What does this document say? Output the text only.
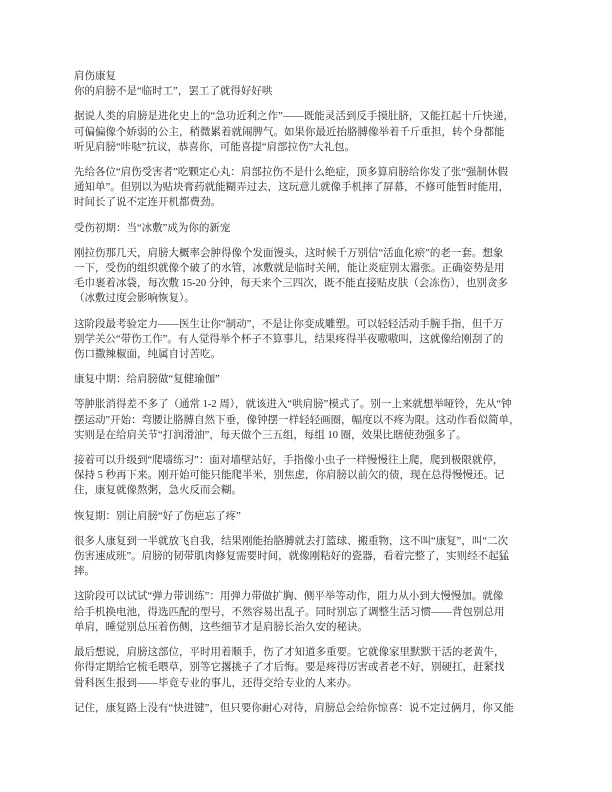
肩伤康复
你的肩膀不是“临时工”，罢工了就得好好哄
据说人类的肩膀是进化史上的“急功近利之作”——既能灵活到反手摸肚脐，又能扛起十斤快递，
可偏偏像个娇弱的公主，稍微累着就闹脾气。如果你最近抬胳膊像举着千斤重担，转个身都能
听见肩膀“咔哒”抗议，恭喜你，可能喜提“肩部拉伤”大礼包。
先给各位“肩伤受害者”吃颗定心丸：肩部拉伤不是什么绝症，顶多算肩膀给你发了张“强制休假
通知单”。但别以为贴块膏药就能糊弄过去，这玩意儿就像手机摔了屏幕，不修可能暂时能用，
时间长了说不定连开机都费劲。
受伤初期：当“冰敷”成为你的新宠
刚拉伤那几天，肩膀大概率会肿得像个发面馒头，这时候千万别信“活血化瘀”的老一套。想象
一下，受伤的组织就像个破了的水管，冰敷就是临时关闸，能让炎症别太嚣张。正确姿势是用
毛巾裹着冰袋，每次敷 15-20 分钟，每天来个三四次，既不能直接贴皮肤（会冻伤），也别贪多
（冰敷过度会影响恢复）。
这阶段最考验定力——医生让你“制动”，不是让你变成雕塑。可以轻轻活动手腕手指，但千万
别学关公“带伤工作”。有人觉得举个杯子不算事儿，结果疼得半夜嗷嗷叫，这就像给刚刮了的
伤口撒辣椒面，纯属自讨苦吃。
康复中期：给肩膀做“复健瑜伽”
等肿胀消得差不多了（通常 1-2 周），就该进入“哄肩膀”模式了。别一上来就想举哑铃，先从“钟
摆运动”开始：弯腰让胳膊自然下垂，像钟摆一样轻轻画圈，幅度以不疼为限。这动作看似简单，
实则是在给肩关节“打润滑油”，每天做个三五组，每组 10 圈，效果比瞎使劲强多了。
接着可以升级到“爬墙练习”：面对墙壁站好，手指像小虫子一样慢慢往上爬，爬到极限就停，
保持 5 秒再下来。刚开始可能只能爬半米，别焦虑，你肩膀以前欠的债，现在总得慢慢还。记
住，康复就像熬粥，急火反而会糊。
恢复期：别让肩膀“好了伤疤忘了疼”
很多人康复到一半就放飞自我，结果刚能抬胳膊就去打篮球、搬重物，这不叫“康复”，叫“二次
伤害速成班”。肩膀的韧带肌肉修复需要时间，就像刚粘好的瓷器，看着完整了，实则经不起猛
摔。
这阶段可以试试“弹力带训练”：用弹力带做扩胸、侧平举等动作，阻力从小到大慢慢加。就像
给手机换电池，得选匹配的型号，不然容易出乱子。同时别忘了调整生活习惯——背包别总用
单肩，睡觉别总压着伤侧，这些细节才是肩膀长治久安的秘诀。
最后想说，肩膀这部位，平时用着顺手，伤了才知道多重要。它就像家里默默干活的老黄牛，
你得定期给它梳毛喂草，别等它撂挑子了才后悔。要是疼得厉害或者老不好，别硬扛，赶紧找
骨科医生报到——毕竟专业的事儿，还得交给专业的人来办。
记住，康复路上没有“快进键”，但只要你耐心对待，肩膀总会给你惊喜：说不定过俩月，你又能
